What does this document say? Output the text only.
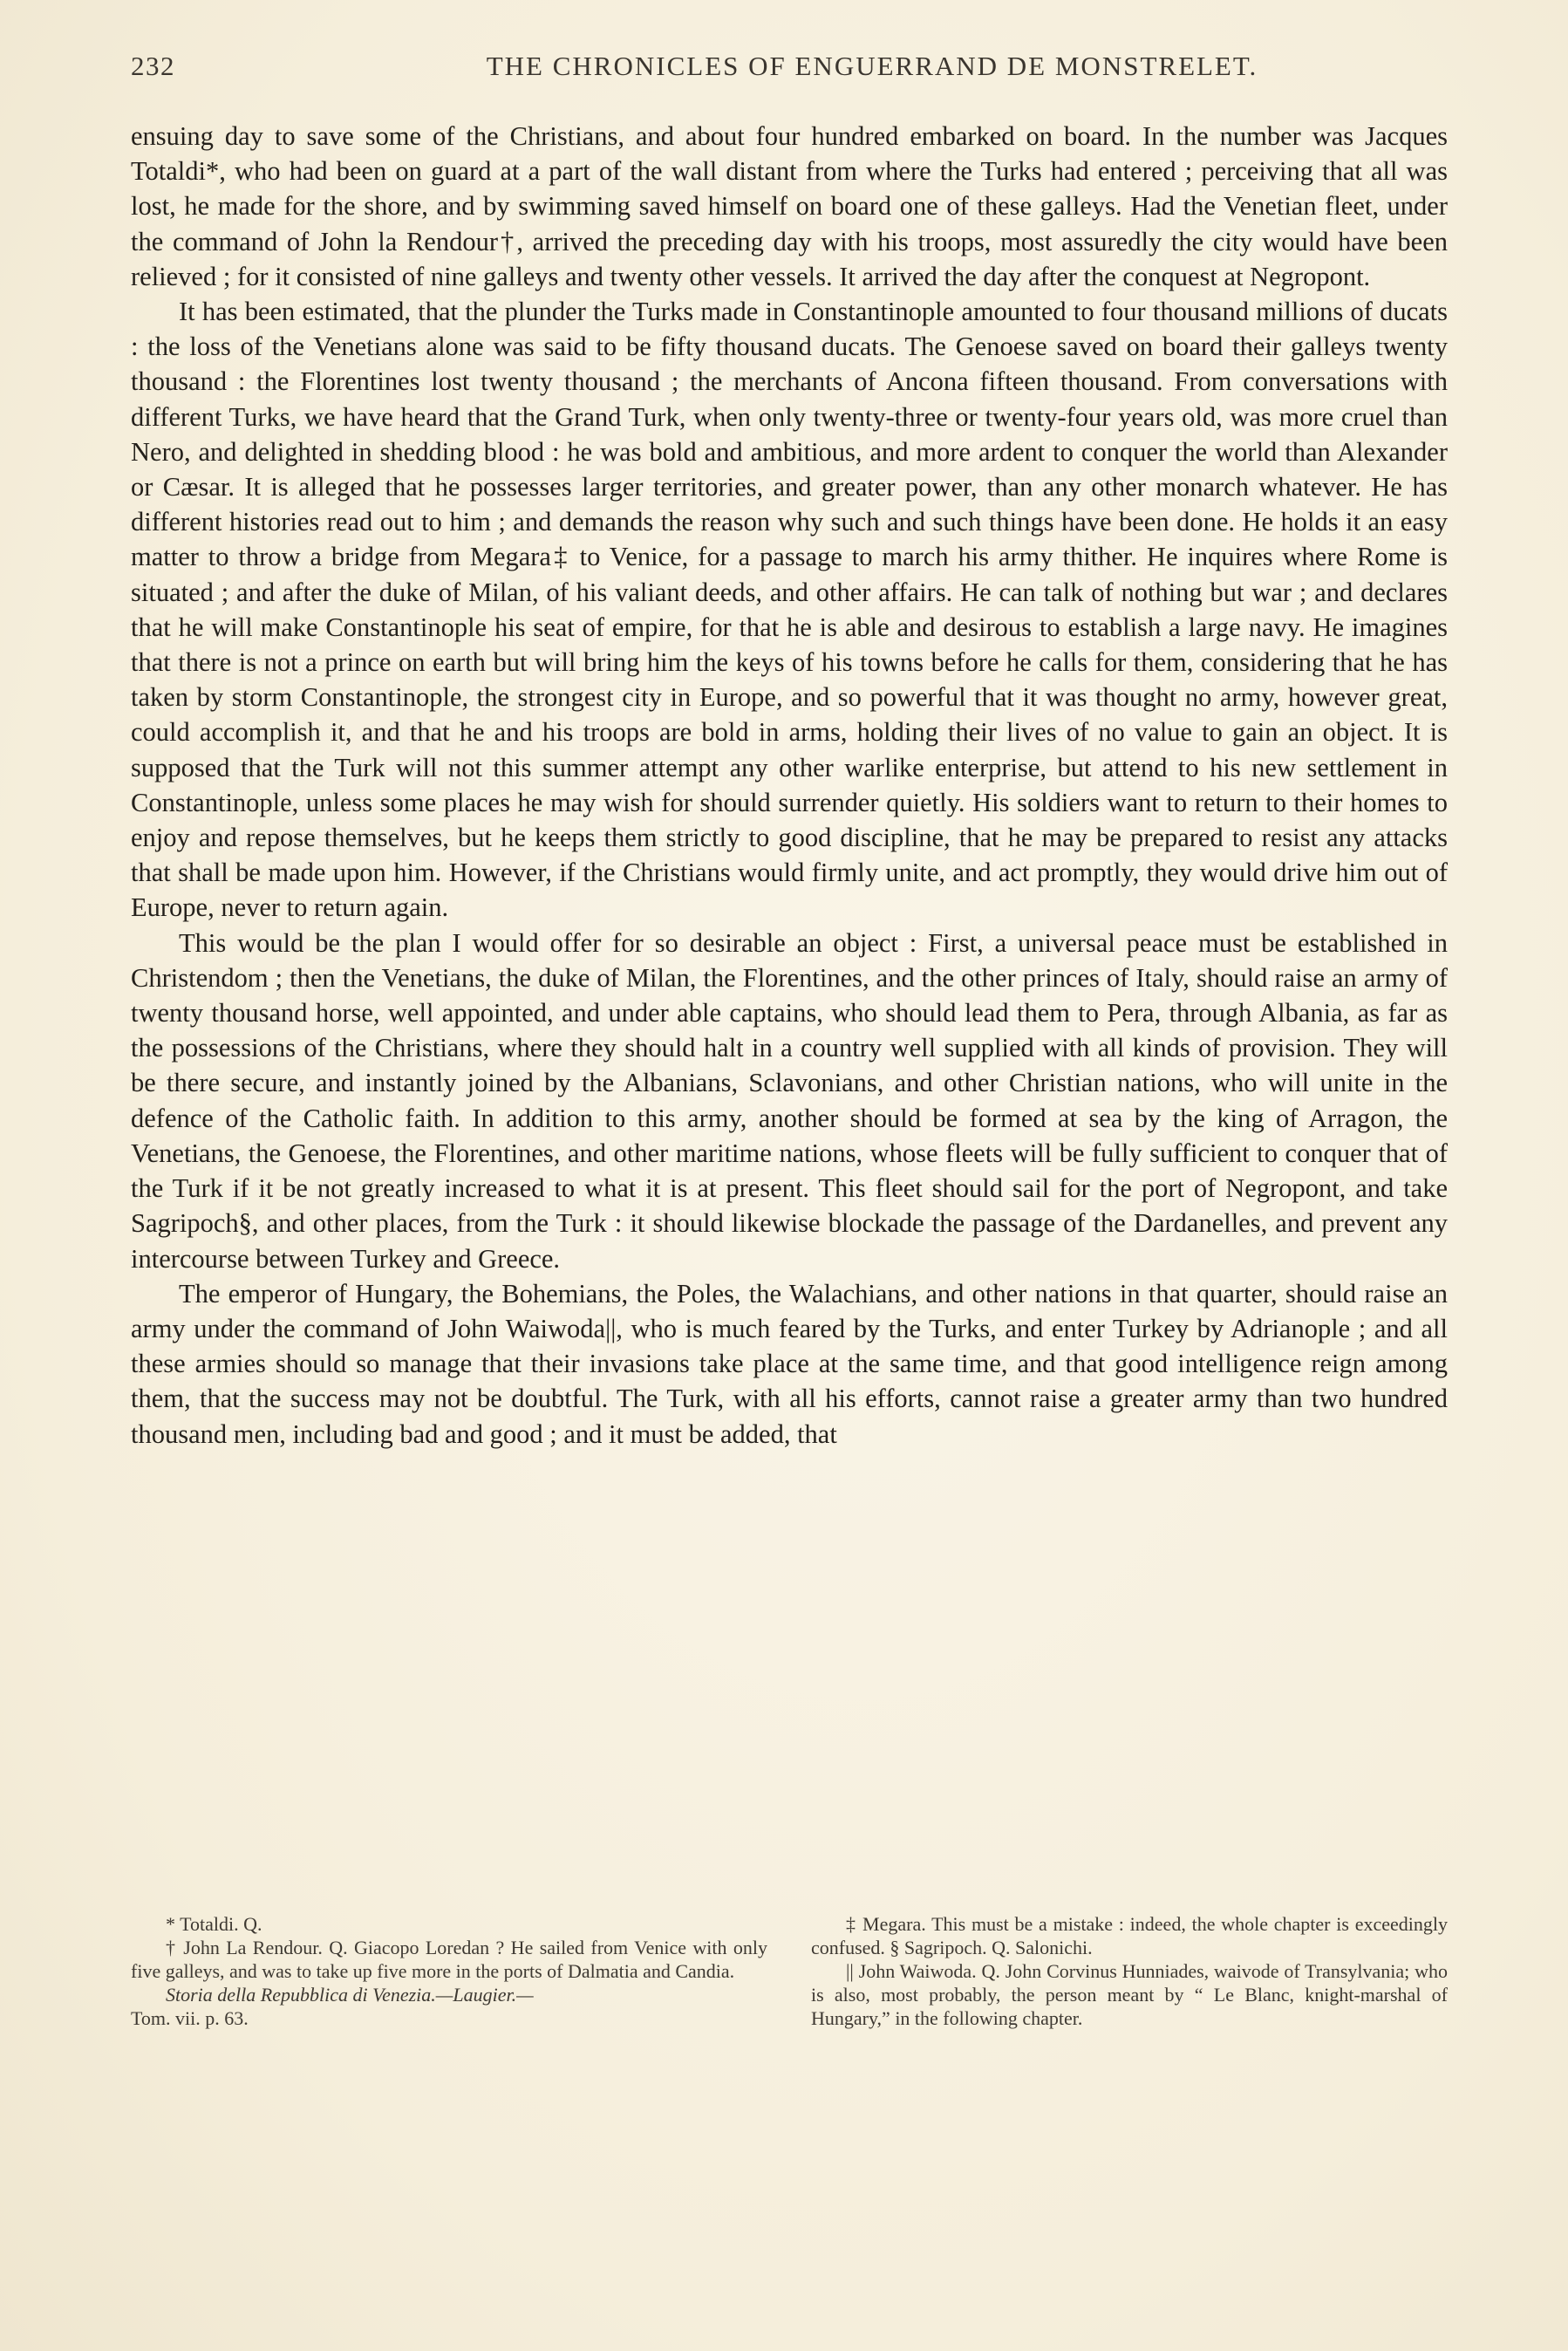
232	THE CHRONICLES OF ENGUERRAND DE MONSTRELET.

ensuing day to save some of the Christians, and about four hundred embarked on board. In the number was Jacques Totaldi*, who had been on guard at a part of the wall distant from where the Turks had entered ; perceiving that all was lost, he made for the shore, and by swimming saved himself on board one of these galleys. Had the Venetian fleet, under the command of John la Rendour†, arrived the preceding day with his troops, most assuredly the city would have been relieved ; for it consisted of nine galleys and twenty other vessels. It arrived the day after the conquest at Negropont.

It has been estimated, that the plunder the Turks made in Constantinople amounted to four thousand millions of ducats : the loss of the Venetians alone was said to be fifty thousand ducats. The Genoese saved on board their galleys twenty thousand : the Florentines lost twenty thousand ; the merchants of Ancona fifteen thousand. From conversations with different Turks, we have heard that the Grand Turk, when only twenty-three or twenty-four years old, was more cruel than Nero, and delighted in shedding blood : he was bold and ambitious, and more ardent to conquer the world than Alexander or Cæsar. It is alleged that he possesses larger territories, and greater power, than any other monarch whatever. He has different histories read out to him ; and demands the reason why such and such things have been done. He holds it an easy matter to throw a bridge from Megara‡ to Venice, for a passage to march his army thither. He inquires where Rome is situated ; and after the duke of Milan, of his valiant deeds, and other affairs. He can talk of nothing but war ; and declares that he will make Constantinople his seat of empire, for that he is able and desirous to establish a large navy. He imagines that there is not a prince on earth but will bring him the keys of his towns before he calls for them, considering that he has taken by storm Constantinople, the strongest city in Europe, and so powerful that it was thought no army, however great, could accomplish it, and that he and his troops are bold in arms, holding their lives of no value to gain an object. It is supposed that the Turk will not this summer attempt any other warlike enterprise, but attend to his new settlement in Constantinople, unless some places he may wish for should surrender quietly. His soldiers want to return to their homes to enjoy and repose themselves, but he keeps them strictly to good discipline, that he may be prepared to resist any attacks that shall be made upon him. However, if the Christians would firmly unite, and act promptly, they would drive him out of Europe, never to return again.

This would be the plan I would offer for so desirable an object : First, a universal peace must be established in Christendom ; then the Venetians, the duke of Milan, the Florentines, and the other princes of Italy, should raise an army of twenty thousand horse, well appointed, and under able captains, who should lead them to Pera, through Albania, as far as the possessions of the Christians, where they should halt in a country well supplied with all kinds of provision. They will be there secure, and instantly joined by the Albanians, Sclavonians, and other Christian nations, who will unite in the defence of the Catholic faith. In addition to this army, another should be formed at sea by the king of Arragon, the Venetians, the Genoese, the Florentines, and other maritime nations, whose fleets will be fully sufficient to conquer that of the Turk if it be not greatly increased to what it is at present. This fleet should sail for the port of Negropont, and take Sagripoch§, and other places, from the Turk : it should likewise blockade the passage of the Dardanelles, and prevent any intercourse between Turkey and Greece.

The emperor of Hungary, the Bohemians, the Poles, the Walachians, and other nations in that quarter, should raise an army under the command of John Waiwoda||, who is much feared by the Turks, and enter Turkey by Adrianople ; and all these armies should so manage that their invasions take place at the same time, and that good intelligence reign among them, that the success may not be doubtful. The Turk, with all his efforts, cannot raise a greater army than two hundred thousand men, including bad and good ; and it must be added, that

* Totaldi. Q.

† John La Rendour. Q. Giacopo Loredan ? He sailed from Venice with only five galleys, and was to take up five more in the ports of Dalmatia and Candia.

Storia della Repubblica di Venezia.—Laugier.—

Tom. vii. p. 63.

‡ Megara. This must be a mistake : indeed, the whole chapter is exceedingly confused. § Sagripoch. Q. Salonichi.

|| John Waiwoda. Q. John Corvinus Hunniades, waivode of Transylvania; who is also, most probably, the person meant by “ Le Blanc, knight-marshal of Hungary,” in the following chapter.
